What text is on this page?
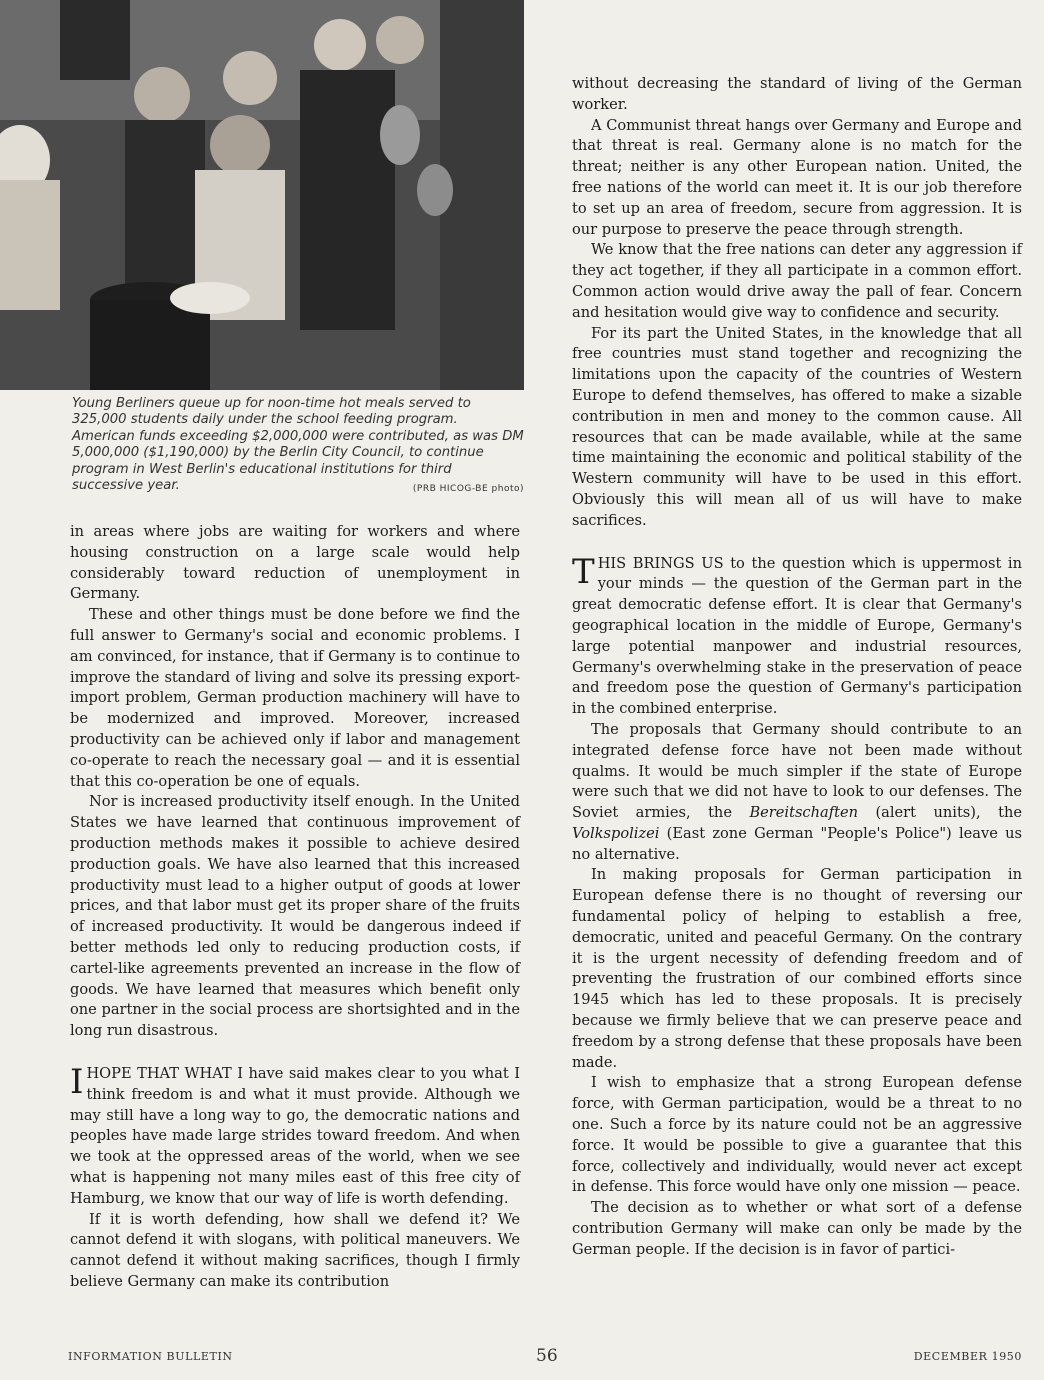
Young Berliners queue up for noon-time hot meals served to 325,000 students daily under the school feeding program. American funds exceeding $2,000,000 were contributed, as was DM 5,000,000 ($1,190,000) by the Berlin City Council, to continue program in West Berlin's educational institutions for third successive year.	(PRB HICOG-BE photo)

in areas where jobs are waiting for workers and where housing construction on a large scale would help considerably toward reduction of unemployment in Germany.

These and other things must be done before we find the full answer to Germany's social and economic problems. I am convinced, for instance, that if Germany is to continue to improve the standard of living and solve its pressing export-import problem, German production machinery will have to be modernized and improved. Moreover, increased productivity can be achieved only if labor and management co-operate to reach the necessary goal — and it is essential that this co-operation be one of equals.

Nor is increased productivity itself enough. In the United States we have learned that continuous improvement of production methods makes it possible to achieve desired production goals. We have also learned that this increased productivity must lead to a higher output of goods at lower prices, and that labor must get its proper share of the fruits of increased productivity. It would be dangerous indeed if better methods led only to reducing production costs, if cartel-like agreements prevented an increase in the flow of goods. We have learned that measures which benefit only one partner in the social process are shortsighted and in the long run disastrous.

IHOPE THAT WHAT I have said makes clear to you what I think freedom is and what it must provide. Although we may still have a long way to go, the democratic nations and peoples have made large strides toward freedom. And when we took at the oppressed areas of the world, when we see what is happening not many miles east of this free city of Hamburg, we know that our way of life is worth defending.

If it is worth defending, how shall we defend it? We cannot defend it with slogans, with political maneuvers. We cannot defend it without making sacrifices, though I firmly believe Germany can make its contribution

without decreasing the standard of living of the German worker.

A Communist threat hangs over Germany and Europe and that threat is real. Germany alone is no match for the threat; neither is any other European nation. United, the free nations of the world can meet it. It is our job therefore to set up an area of freedom, secure from aggression. It is our purpose to preserve the peace through strength.

We know that the free nations can deter any aggression if they act together, if they all participate in a common effort. Common action would drive away the pall of fear. Concern and hesitation would give way to confidence and security.

For its part the United States, in the knowledge that all free countries must stand together and recognizing the limitations upon the capacity of the countries of Western Europe to defend themselves, has offered to make a sizable contribution in men and money to the common cause. All resources that can be made available, while at the same time maintaining the economic and political stability of the Western community will have to be used in this effort. Obviously this will mean all of us will have to make sacrifices.

THIS BRINGS US to the question which is uppermost in your minds — the question of the German part in the great democratic defense effort. It is clear that Germany's geographical location in the middle of Europe, Germany's large potential manpower and industrial resources, Germany's overwhelming stake in the preservation of peace and freedom pose the question of Germany's participation in the combined enterprise.

The proposals that Germany should contribute to an integrated defense force have not been made without qualms. It would be much simpler if the state of Europe were such that we did not have to look to our defenses. The Soviet armies, the Bereitschaften (alert units), the Volkspolizei (East zone German "People's Police") leave us no alternative.

In making proposals for German participation in European defense there is no thought of reversing our fundamental policy of helping to establish a free, democratic, united and peaceful Germany. On the contrary it is the urgent necessity of defending freedom and of preventing the frustration of our combined efforts since 1945 which has led to these proposals. It is precisely because we firmly believe that we can preserve peace and freedom by a strong defense that these proposals have been made.

I wish to emphasize that a strong European defense force, with German participation, would be a threat to no one. Such a force by its nature could not be an aggressive force. It would be possible to give a guarantee that this force, collectively and individually, would never act except in defense. This force would have only one mission — peace.

The decision as to whether or what sort of a defense contribution Germany will make can only be made by the German people. If the decision is in favor of partici-

INFORMATION BULLETIN	56	DECEMBER 1950
